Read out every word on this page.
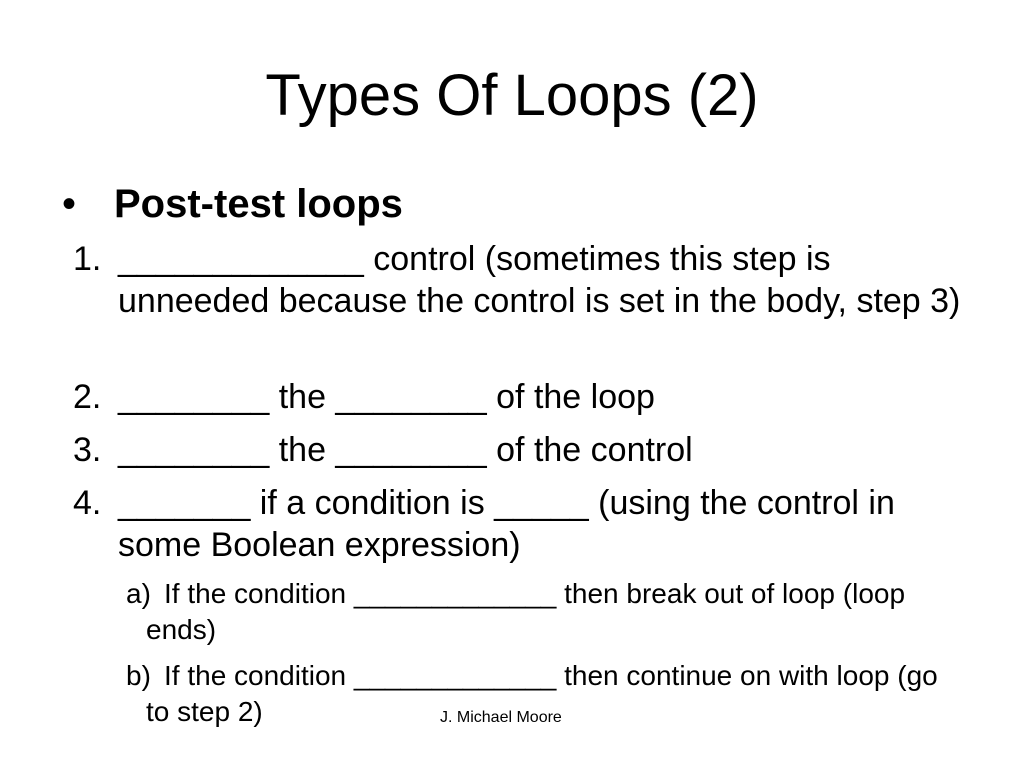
Types Of Loops (2)
• Post-test loops
1. _____________ control (sometimes this step is unneeded because the control is set in the body, step 3)
2. ________ the ________ of the loop
3. ________ the ________ of the control
4. _______ if a condition is _____ (using the control in some Boolean expression)
a) If the condition _____________ then break out of loop (loop ends)
b) If the condition _____________ then continue on with loop (go to step 2)	J. Michael Moore
